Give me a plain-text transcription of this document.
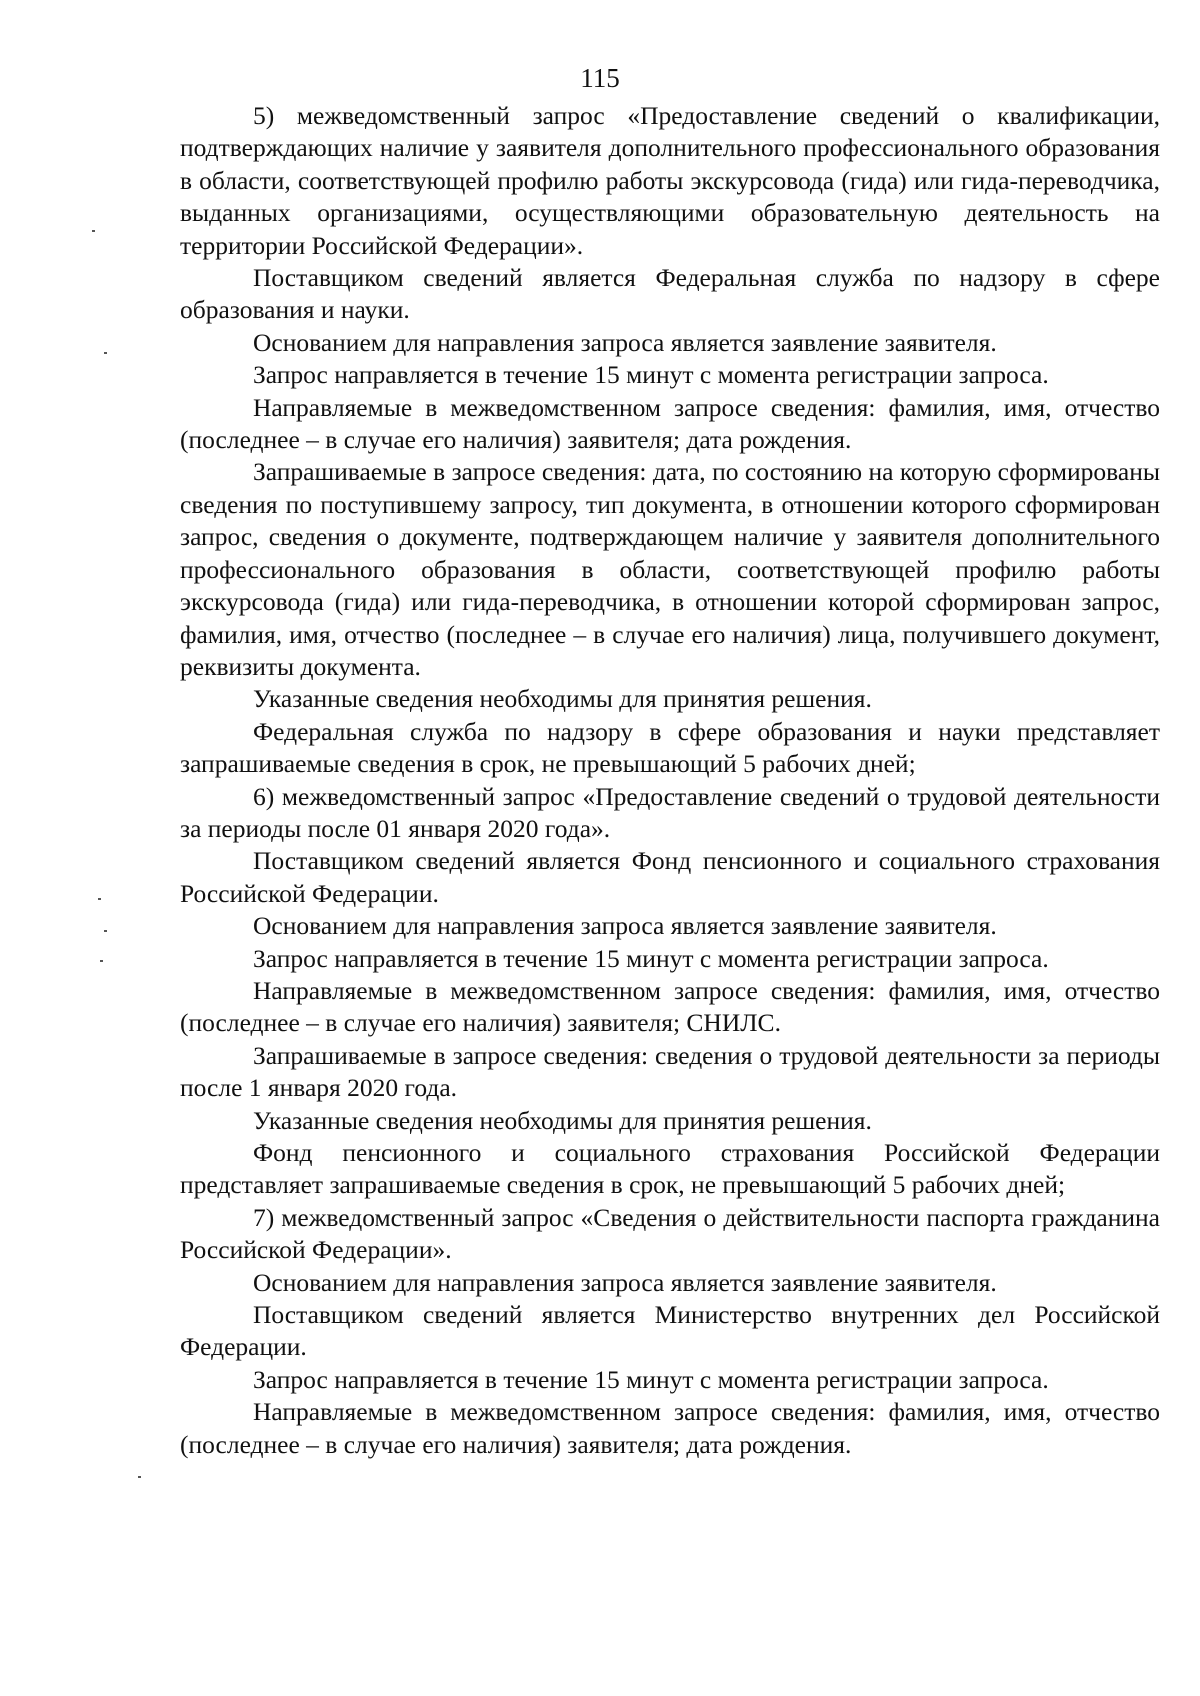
115

5) межведомственный запрос «Предоставление сведений о квалификации, подтверждающих наличие у заявителя дополнительного профессионального образования в области, соответствующей профилю работы экскурсовода (гида) или гида-переводчика, выданных организациями, осуществляющими образовательную деятельность на территории Российской Федерации».

Поставщиком сведений является Федеральная служба по надзору в сфере образования и науки.

Основанием для направления запроса является заявление заявителя.

Запрос направляется в течение 15 минут с момента регистрации запроса.

Направляемые в межведомственном запросе сведения: фамилия, имя, отчество (последнее – в случае его наличия) заявителя; дата рождения.

Запрашиваемые в запросе сведения: дата, по состоянию на которую сформированы сведения по поступившему запросу, тип документа, в отношении которого сформирован запрос, сведения о документе, подтверждающем наличие у заявителя дополнительного профессионального образования в области, соответствующей профилю работы экскурсовода (гида) или гида-переводчика, в отношении которой сформирован запрос, фамилия, имя, отчество (последнее – в случае его наличия) лица, получившего документ, реквизиты документа.

Указанные сведения необходимы для принятия решения.

Федеральная служба по надзору в сфере образования и науки представляет запрашиваемые сведения в срок, не превышающий 5 рабочих дней;

6) межведомственный запрос «Предоставление сведений о трудовой деятельности за периоды после 01 января 2020 года».

Поставщиком сведений является Фонд пенсионного и социального страхования Российской Федерации.

Основанием для направления запроса является заявление заявителя.

Запрос направляется в течение 15 минут с момента регистрации запроса.

Направляемые в межведомственном запросе сведения: фамилия, имя, отчество (последнее – в случае его наличия) заявителя; СНИЛС.

Запрашиваемые в запросе сведения: сведения о трудовой деятельности за периоды после 1 января 2020 года.

Указанные сведения необходимы для принятия решения.

Фонд пенсионного и социального страхования Российской Федерации представляет запрашиваемые сведения в срок, не превышающий 5 рабочих дней;

7) межведомственный запрос «Сведения о действительности паспорта гражданина Российской Федерации».

Основанием для направления запроса является заявление заявителя.

Поставщиком сведений является Министерство внутренних дел Российской Федерации.

Запрос направляется в течение 15 минут с момента регистрации запроса.

Направляемые в межведомственном запросе сведения: фамилия, имя, отчество (последнее – в случае его наличия) заявителя; дата рождения.
